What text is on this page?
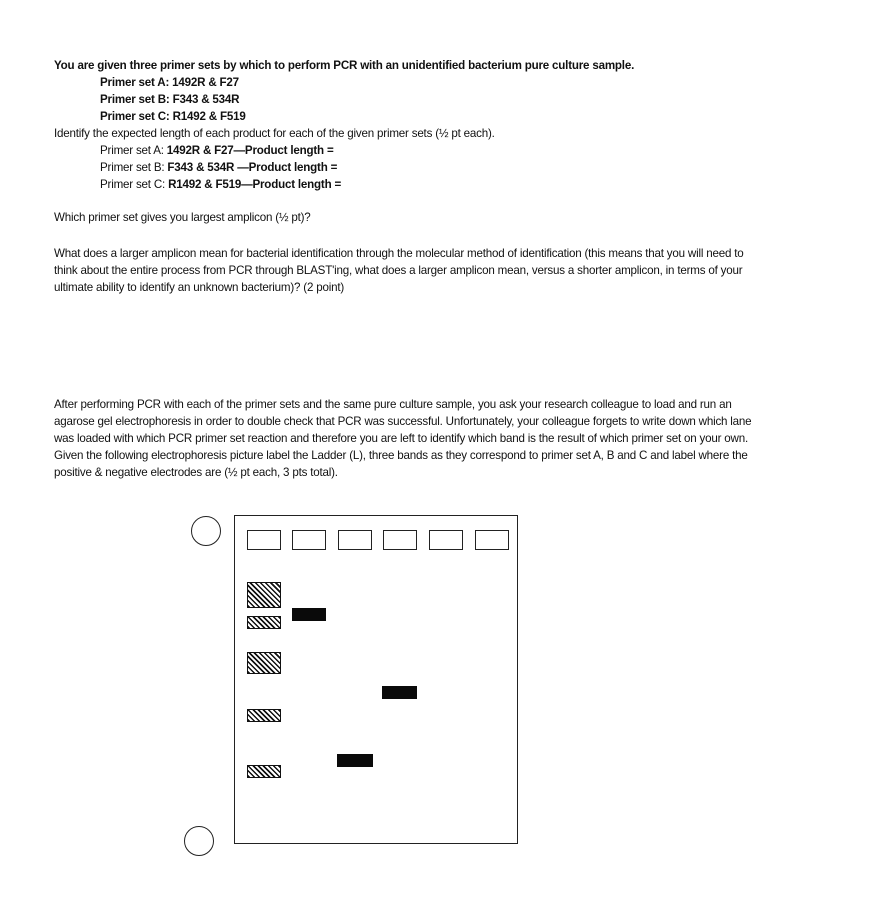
You are given three primer sets by which to perform PCR with an unidentified bacterium pure culture sample.
Primer set A: 1492R & F27
Primer set B: F343 & 534R
Primer set C: R1492 & F519
Identify the expected length of each product for each of the given primer sets (½ pt each).
Primer set A: 1492R & F27—Product length =
Primer set B: F343 & 534R —Product length =
Primer set C: R1492 & F519—Product length =
Which primer set gives you largest amplicon (½ pt)?
What does a larger amplicon mean for bacterial identification through the molecular method of identification (this means that you will need to think about the entire process from PCR through BLAST'ing, what does a larger amplicon mean, versus a shorter amplicon, in terms of your ultimate ability to identify an unknown bacterium)? (2 point)
After performing PCR with each of the primer sets and the same pure culture sample, you ask your research colleague to load and run an agarose gel electrophoresis in order to double check that PCR was successful. Unfortunately, your colleague forgets to write down which lane was loaded with which PCR primer set reaction and therefore you are left to identify which band is the result of which primer set on your own. Given the following electrophoresis picture label the Ladder (L), three bands as they correspond to primer set A, B and C and label where the positive & negative electrodes are (½ pt each, 3 pts total).
